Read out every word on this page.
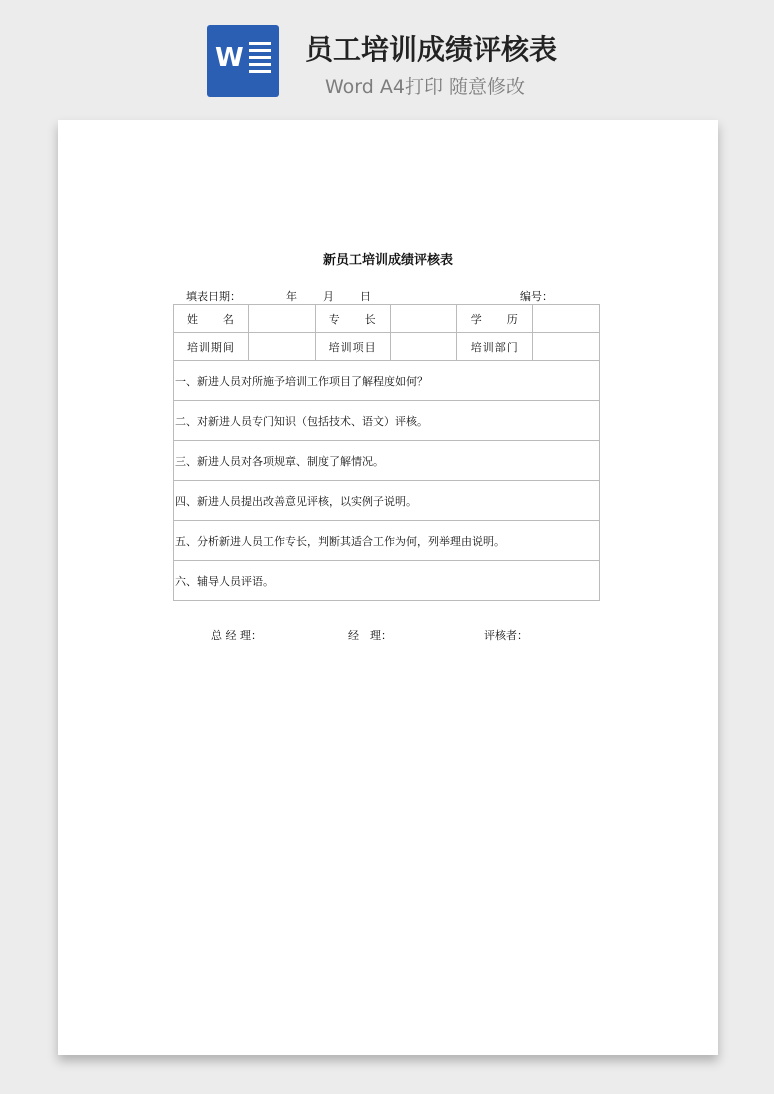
W 员工培训成绩评核表
Word A4打印 随意修改
新员工培训成绩评核表
填表日期：	年 月 日	编号：
姓　　名		专　　长		学　　历	
培训期间		培训项目		培训部门	
一、新进人员对所施予培训工作项目了解程度如何？					
二、对新进人员专门知识（包括技术、语文）评核。					
三、新进人员对各项规章、制度了解情况。					
四、新进人员提出改善意见评核，以实例子说明。					
五、分析新进人员工作专长，判断其适合工作为何，列举理由说明。					
六、辅导人员评语。					
总 经 理：	经　理：	评核者：
